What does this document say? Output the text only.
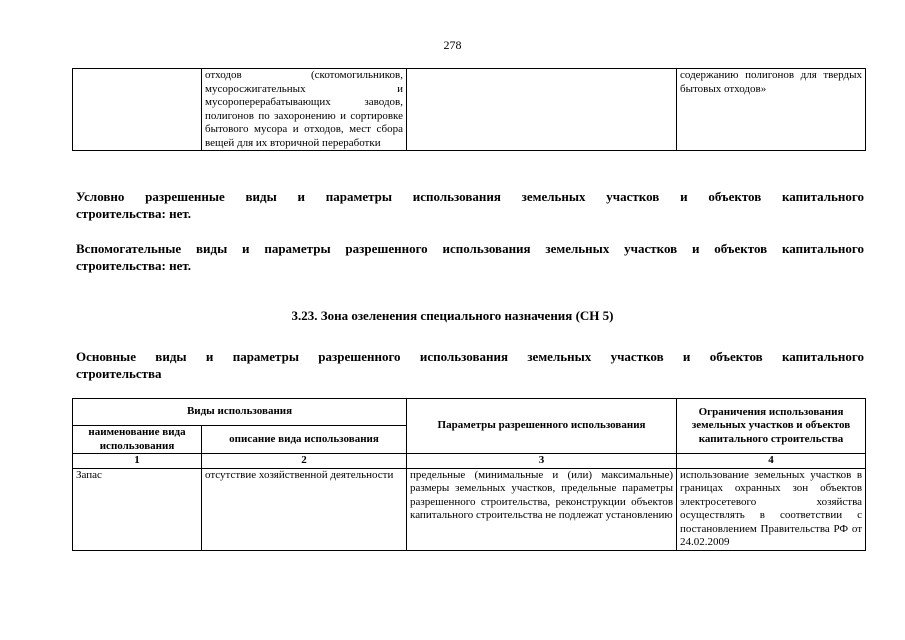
278
	отходов (скотомогильников, мусоросжигательных и мусороперерабатывающих заводов, полигонов по захоронению и сортировке бытового мусора и отходов, мест сбора вещей для их вторичной переработки		содержанию полигонов для твердых бытовых отходов»
Условно разрешенные виды и параметры использования земельных участков и объектов капитального
строительства: нет.
Вспомогательные виды и параметры разрешенного использования земельных участков и объектов капитального
строительства: нет.
3.23. Зона озеленения специального назначения (СН 5)
Основные виды и параметры разрешенного использования земельных участков и объектов капитального
строительства
Виды использования		Параметры разрешенного использования	Ограничения использования земельных участков и объектов капитального строительства
наименование вида использования	описание вида использования		
1	2	3	4
Запас	отсутствие хозяйственной деятельности	предельные (минимальные и (или) максимальные) размеры земельных участков, предельные параметры разрешенного строительства, реконструкции объектов капитального строительства не подлежат установлению	использование земельных участков в границах охранных зон объектов электросетевого хозяйства осуществлять в соответствии с постановлением Правительства РФ от 24.02.2009
